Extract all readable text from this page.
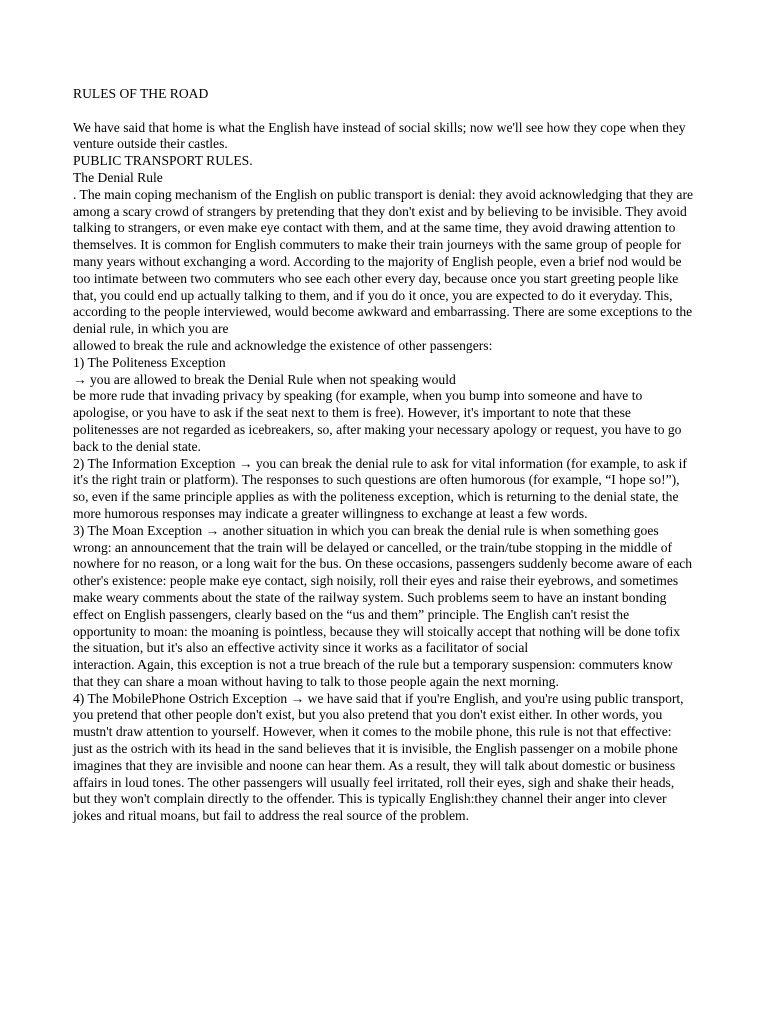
RULES OF THE ROAD

We have said that home is what the English have instead of social skills; now we'll see how they cope when they venture outside their castles.

PUBLIC TRANSPORT RULES.

The Denial Rule

. The main coping mechanism of the English on public transport is denial: they avoid acknowledging that they are among a scary crowd of strangers by pretending that they don't exist and by believing to be invisible. They avoid talking to strangers, or even make eye contact with them, and at the same time, they avoid drawing attention to themselves. It is common for English commuters to make their train journeys with the same group of people for many years without exchanging a word. According to the majority of English people, even a brief nod would be too intimate between two commuters who see each other every day, because once you start greeting people like that, you could end up actually talking to them, and if you do it once, you are expected to do it everyday. This, according to the people interviewed, would become awkward and embarrassing. There are some exceptions to the denial rule, in which you are

allowed to break the rule and acknowledge the existence of other passengers:

1) The Politeness Exception

→ you are allowed to break the Denial Rule when not speaking would

be more rude that invading privacy by speaking (for example, when you bump into someone and have to apologise, or you have to ask if the seat next to them is free). However, it's important to note that these politenesses are not regarded as icebreakers, so, after making your necessary apology or request, you have to go back to the denial state.

2) The Information Exception → you can break the denial rule to ask for vital information (for example, to ask if it's the right train or platform). The responses to such questions are often humorous (for example, “I hope so!”), so, even if the same principle applies as with the politeness exception, which is returning to the denial state, the more humorous responses may indicate a greater willingness to exchange at least a few words.

3) The Moan Exception → another situation in which you can break the denial rule is when something goes wrong: an announcement that the train will be delayed or cancelled, or the train/tube stopping in the middle of nowhere for no reason, or a long wait for the bus. On these occasions, passengers suddenly become aware of each other's existence: people make eye contact, sigh noisily, roll their eyes and raise their eyebrows, and sometimes make weary comments about the state of the railway system. Such problems seem to have an instant bonding effect on English passengers, clearly based on the “us and them” principle. The English can't resist the opportunity to moan: the moaning is pointless, because they will stoically accept that nothing will be done tofix the situation, but it's also an effective activity since it works as a facilitator of social

interaction. Again, this exception is not a true breach of the rule but a temporary suspension: commuters know that they can share a moan without having to talk to those people again the next morning.

4) The MobilePhone Ostrich Exception → we have said that if you're English, and you're using public transport, you pretend that other people don't exist, but you also pretend that you don't exist either. In other words, you mustn't draw attention to yourself. However, when it comes to the mobile phone, this rule is not that effective: just as the ostrich with its head in the sand believes that it is invisible, the English passenger on a mobile phone imagines that they are invisible and noone can hear them. As a result, they will talk about domestic or business affairs in loud tones. The other passengers will usually feel irritated, roll their eyes, sigh and shake their heads, but they won't complain directly to the offender. This is typically English:they channel their anger into clever jokes and ritual moans, but fail to address the real source of the problem.
